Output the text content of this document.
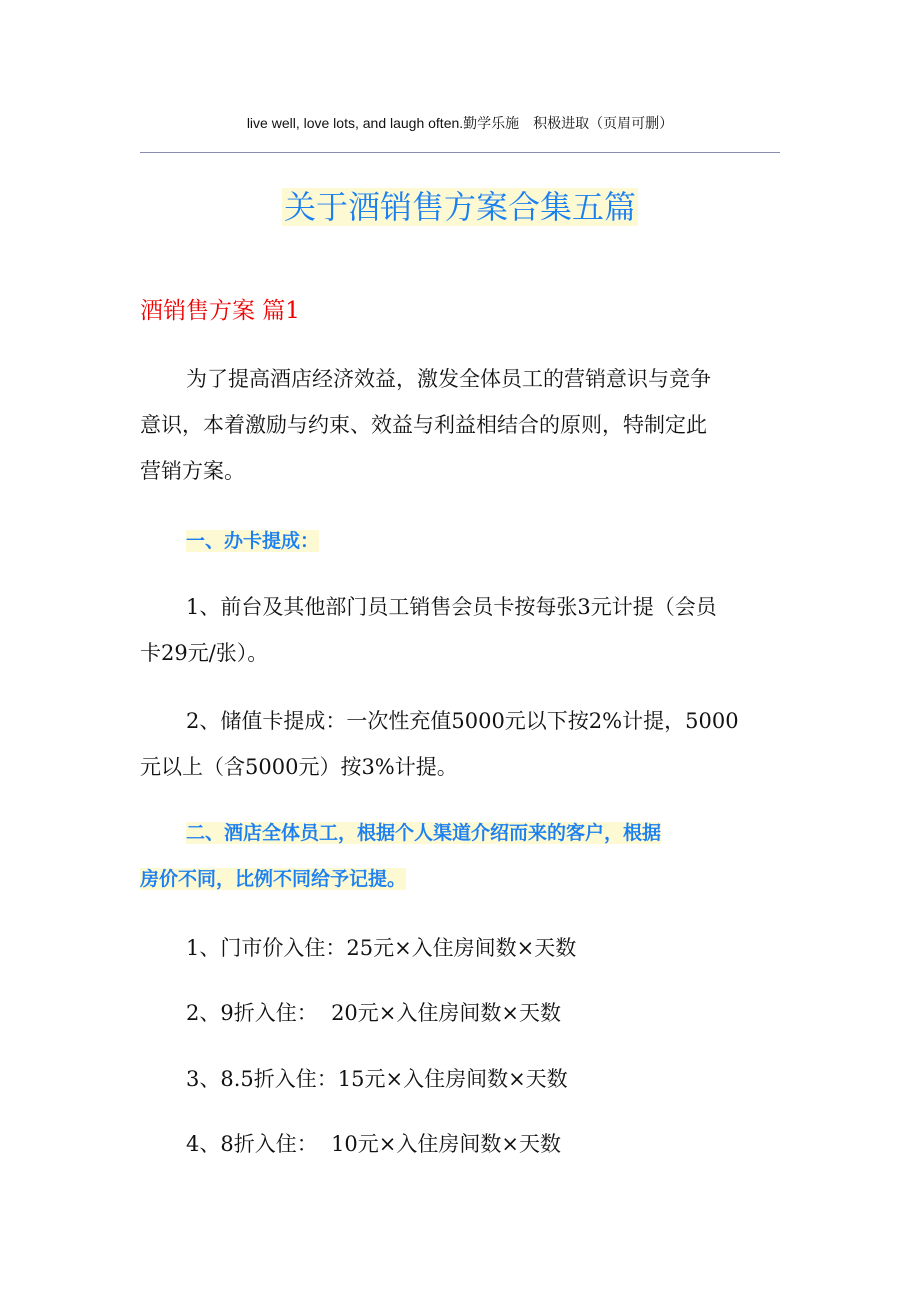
live well, love lots, and laugh often.勤学乐施　积极进取（页眉可删）
关于酒销售方案合集五篇
酒销售方案 篇1
为了提高酒店经济效益，激发全体员工的营销意识与竞争
意识，本着激励与约束、效益与利益相结合的原则，特制定此
营销方案。
一、办卡提成：
1、前台及其他部门员工销售会员卡按每张3元计提（会员
卡29元/张）。
2、储值卡提成：一次性充值5000元以下按2%计提，5000
元以上（含5000元）按3%计提。
二、酒店全体员工，根据个人渠道介绍而来的客户，根据
房价不同，比例不同给予记提。
1、门市价入住：25元×入住房间数×天数
2、9折入住：  20元×入住房间数×天数
3、8.5折入住：15元×入住房间数×天数
4、8折入住：  10元×入住房间数×天数
